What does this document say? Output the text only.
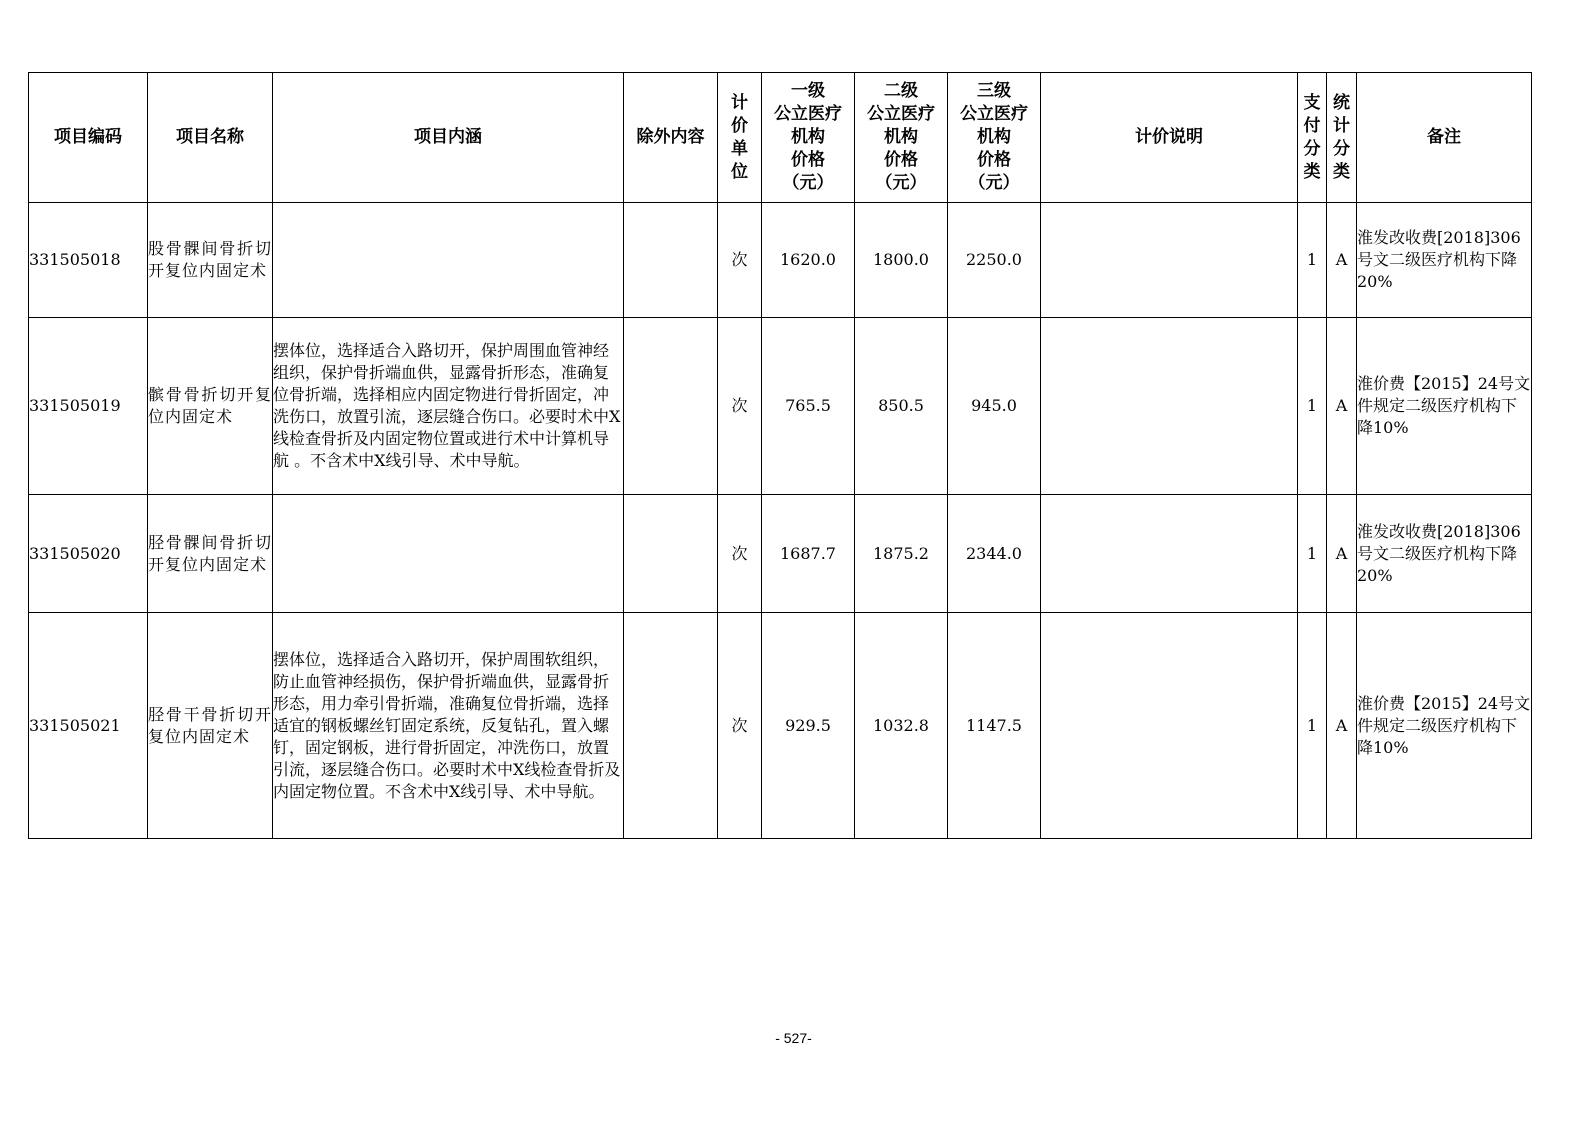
项目编码	项目名称	项目内涵	除外内容	计价单位	一级
公立医疗
机构
价格
（元）	二级
公立医疗
机构
价格
（元）	三级
公立医疗
机构
价格
（元）	计价说明	支付分类	统计分类	备注
331505018	股骨髁间骨折切开复位内固定术			次	1620.0	1800.0	2250.0		1	A	淮发改收费[2018]306号文二级医疗机构下降20%
331505019	髌骨骨折切开复位内固定术	摆体位，选择适合入路切开，保护周围血管神经组织，保护骨折端血供，显露骨折形态，准确复位骨折端，选择相应内固定物进行骨折固定，冲洗伤口，放置引流，逐层缝合伤口。必要时术中X线检查骨折及内固定物位置或进行术中计算机导航 。不含术中X线引导、术中导航。		次	765.5	850.5	945.0		1	A	淮价费【2015】24号文件规定二级医疗机构下降10%
331505020	胫骨髁间骨折切开复位内固定术			次	1687.7	1875.2	2344.0		1	A	淮发改收费[2018]306号文二级医疗机构下降20%
331505021	胫骨干骨折切开复位内固定术	摆体位，选择适合入路切开，保护周围软组织，防止血管神经损伤，保护骨折端血供，显露骨折形态，用力牵引骨折端，准确复位骨折端，选择适宜的钢板螺丝钉固定系统，反复钻孔，置入螺钉，固定钢板，进行骨折固定，冲洗伤口，放置引流，逐层缝合伤口。必要时术中X线检查骨折及内固定物位置。不含术中X线引导、术中导航。		次	929.5	1032.8	1147.5		1	A	淮价费【2015】24号文件规定二级医疗机构下降10%
- 527-
